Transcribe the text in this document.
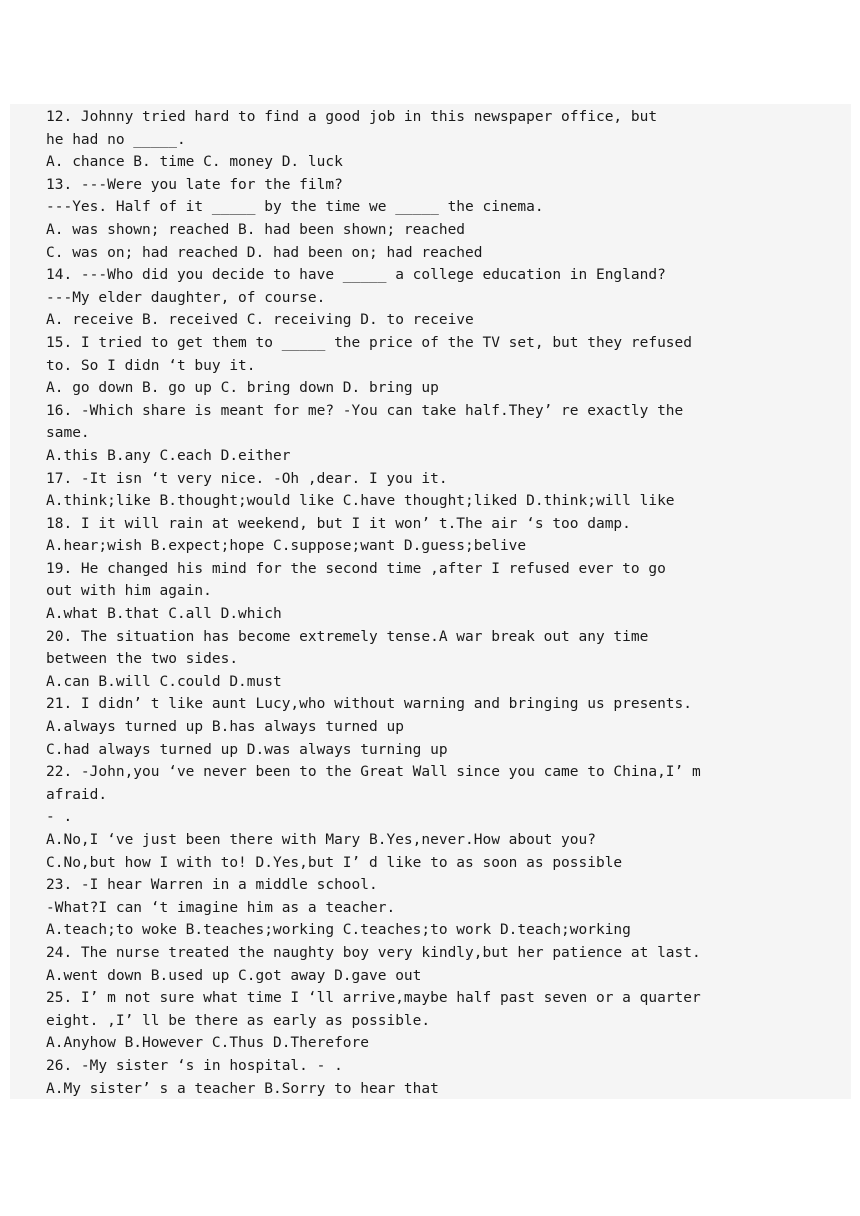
12. Johnny tried hard to find a good job in this newspaper office, but
he had no _____.
A. chance B. time C. money D. luck
13. ---Were you late for the film?
---Yes. Half of it _____ by the time we _____ the cinema.
A. was shown; reached B. had been shown; reached
C. was on; had reached D. had been on; had reached
14. ---Who did you decide to have _____ a college education in England?
---My elder daughter, of course.
A. receive B. received C. receiving D. to receive
15. I tried to get them to _____ the price of the TV set, but they refused
to. So I didn ‘t buy it.
A. go down B. go up C. bring down D. bring up
16. -Which share is meant for me? -You can take half.They’ re exactly the
same.
A.this B.any C.each D.either
17. -It isn ‘t very nice. -Oh ,dear. I you it.
A.think;like B.thought;would like C.have thought;liked D.think;will like
18. I it will rain at weekend, but I it won’ t.The air ‘s too damp.
A.hear;wish B.expect;hope C.suppose;want D.guess;belive
19. He changed his mind for the second time ,after I refused ever to go
out with him again.
A.what B.that C.all D.which
20. The situation has become extremely tense.A war break out any time
between the two sides.
A.can B.will C.could D.must
21. I didn’ t like aunt Lucy,who without warning and bringing us presents.
A.always turned up B.has always turned up
C.had always turned up D.was always turning up
22. -John,you ‘ve never been to the Great Wall since you came to China,I’ m
afraid.
- .
A.No,I ‘ve just been there with Mary B.Yes,never.How about you?
C.No,but how I with to! D.Yes,but I’ d like to as soon as possible
23. -I hear Warren in a middle school.
-What?I can ‘t imagine him as a teacher.
A.teach;to woke B.teaches;working C.teaches;to work D.teach;working
24. The nurse treated the naughty boy very kindly,but her patience at last.
A.went down B.used up C.got away D.gave out
25. I’ m not sure what time I ‘ll arrive,maybe half past seven or a quarter
eight. ,I’ ll be there as early as possible.
A.Anyhow B.However C.Thus D.Therefore
26. -My sister ‘s in hospital. - .
A.My sister’ s a teacher B.Sorry to hear that
